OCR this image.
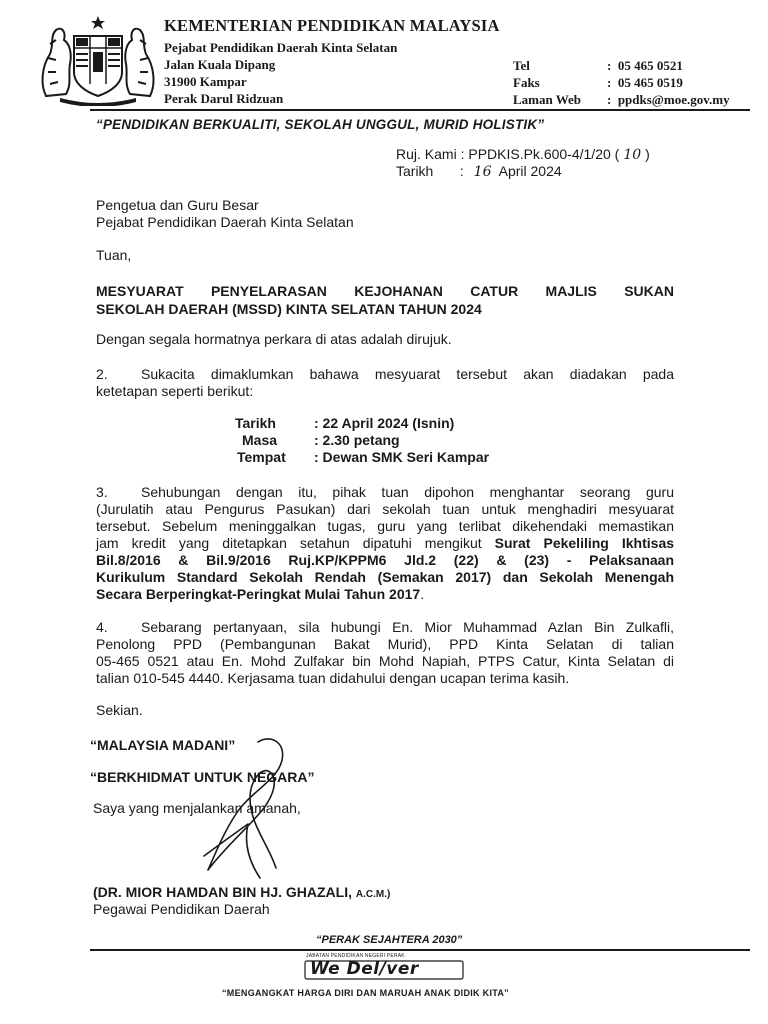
KEMENTERIAN PENDIDIKAN MALAYSIA
Pejabat Pendidikan Daerah Kinta Selatan
Jalan Kuala Dipang
31900 Kampar
Perak Darul Ridzuan
Tel	:  05 465 0521
Faks	:  05 465 0519
Laman Web :  ppdks@moe.gov.my
“PENDIDIKAN BERKUALITI, SEKOLAH UNGGUL, MURID HOLISTIK”
Ruj. Kami : PPDKIS.Pk.600-4/1/20 ( 10 )
Tarikh : 16 April 2024
Pengetua dan Guru Besar
Pejabat Pendidikan Daerah Kinta Selatan
Tuan,
MESYUARAT PENYELARASAN KEJOHANAN CATUR MAJLIS SUKAN
SEKOLAH DAERAH (MSSD) KINTA SELATAN TAHUN 2024
Dengan segala hormatnya perkara di atas adalah dirujuk.
2. Sukacita dimaklumkan bahawa mesyuarat tersebut akan diadakan pada
ketetapan seperti berikut:
Tarikh	: 22 April 2024 (Isnin)
Masa	: 2.30 petang
Tempat : Dewan SMK Seri Kampar
3. Sehubungan dengan itu, pihak tuan dipohon menghantar seorang guru
(Jurulatih atau Pengurus Pasukan) dari sekolah tuan untuk menghadiri mesyuarat
tersebut. Sebelum meninggalkan tugas, guru yang terlibat dikehendaki memastikan
jam kredit yang ditetapkan setahun dipatuhi mengikut Surat Pekeliling Ikhtisas
Bil.8/2016 & Bil.9/2016 Ruj.KP/KPPM6 Jld.2 (22) & (23) - Pelaksanaan
Kurikulum Standard Sekolah Rendah (Semakan 2017) dan Sekolah Menengah
Secara Berperingkat-Peringkat Mulai Tahun 2017.
4. Sebarang pertanyaan, sila hubungi En. Mior Muhammad Azlan Bin Zulkafli,
Penolong PPD (Pembangunan Bakat Murid), PPD Kinta Selatan di talian
05-465 0521 atau En. Mohd Zulfakar bin Mohd Napiah, PTPS Catur, Kinta Selatan di
talian 010-545 4440. Kerjasama tuan didahului dengan ucapan terima kasih.
Sekian.
“MALAYSIA MADANI”
“BERKHIDMAT UNTUK NEGARA”
Saya yang menjalankan amanah,
(DR. MIOR HAMDAN BIN HJ. GHAZALI, A.C.M.)
Pegawai Pendidikan Daerah
“PERAK SEJAHTERA 2030”
JABATAN PENDIDIKAN NEGERI PERAK
We Del/ver
“MENGANGKAT HARGA DIRI DAN MARUAH ANAK DIDIK KITA”
